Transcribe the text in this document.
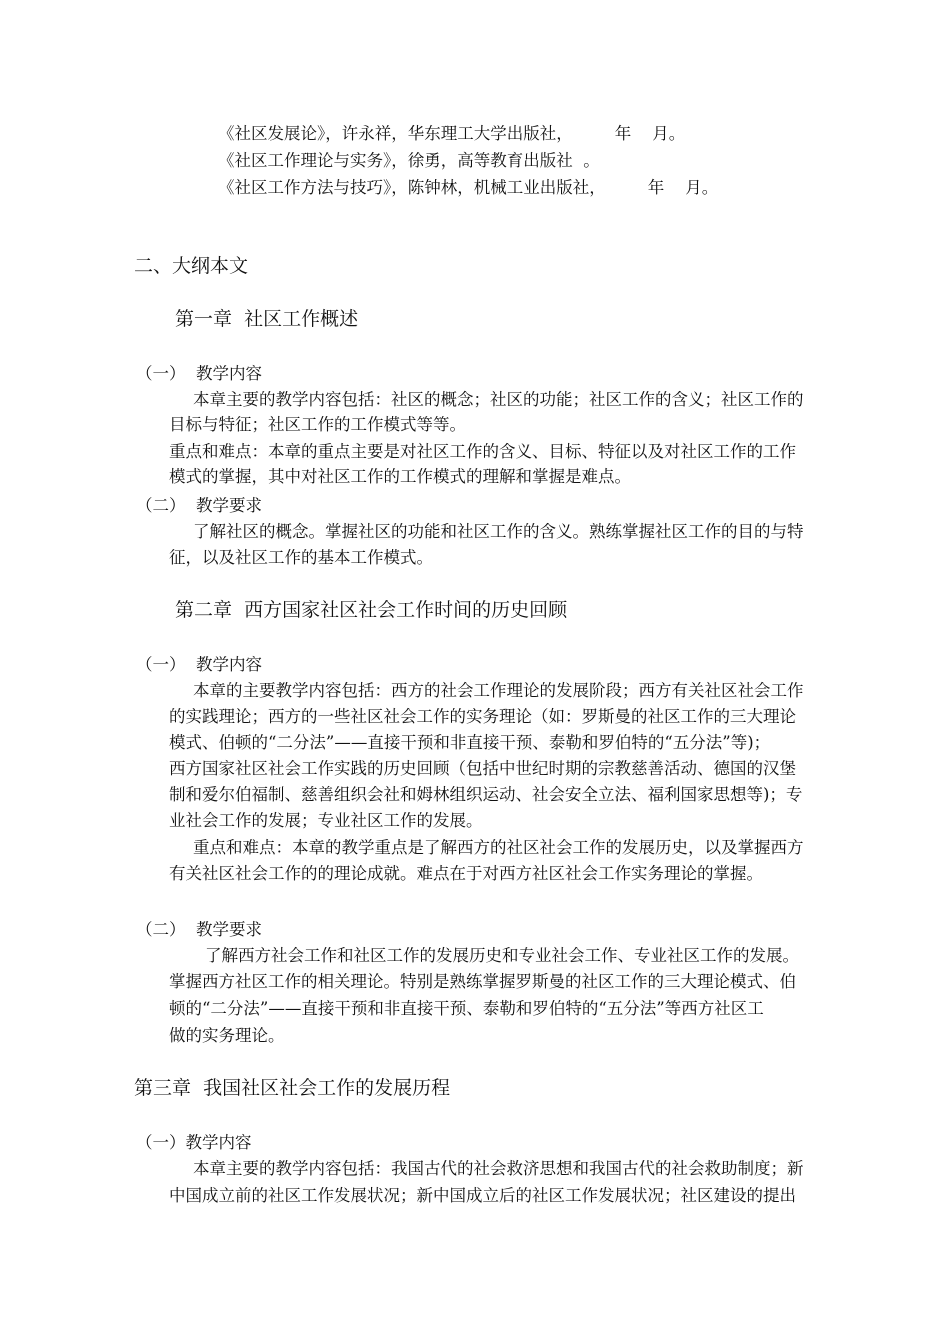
《社区发展论》，许永祥，华东理工大学出版社，        年    月。
《社区工作理论与实务》，徐勇，高等教育出版社  。
《社区工作方法与技巧》，陈钟林，机械工业出版社，        年    月。
二、大纲本文
第一章  社区工作概述
（一）  教学内容
本章主要的教学内容包括：社区的概念；社区的功能；社区工作的含义；社区工作的
目标与特征；社区工作的工作模式等等。
重点和难点：本章的重点主要是对社区工作的含义、目标、特征以及对社区工作的工作
模式的掌握，其中对社区工作的工作模式的理解和掌握是难点。
（二）  教学要求
了解社区的概念。掌握社区的功能和社区工作的含义。熟练掌握社区工作的目的与特
征，以及社区工作的基本工作模式。
第二章  西方国家社区社会工作时间的历史回顾
（一）  教学内容
本章的主要教学内容包括：西方的社会工作理论的发展阶段；西方有关社区社会工作
的实践理论；西方的一些社区社会工作的实务理论（如：罗斯曼的社区工作的三大理论
模式、伯顿的“二分法”——直接干预和非直接干预、泰勒和罗伯特的“五分法”等)；
西方国家社区社会工作实践的历史回顾（包括中世纪时期的宗教慈善活动、德国的汉堡
制和爱尔伯福制、慈善组织会社和姆林组织运动、社会安全立法、福利国家思想等)；专
业社会工作的发展；专业社区工作的发展。
重点和难点：本章的教学重点是了解西方的社区社会工作的发展历史，以及掌握西方
有关社区社会工作的的理论成就。难点在于对西方社区社会工作实务理论的掌握。
（二）  教学要求
了解西方社会工作和社区工作的发展历史和专业社会工作、专业社区工作的发展。
掌握西方社区工作的相关理论。特别是熟练掌握罗斯曼的社区工作的三大理论模式、伯
顿的“二分法”——直接干预和非直接干预、泰勒和罗伯特的“五分法”等西方社区工
做的实务理论。
第三章  我国社区社会工作的发展历程
（一）教学内容
本章主要的教学内容包括：我国古代的社会救济思想和我国古代的社会救助制度；新
中国成立前的社区工作发展状况；新中国成立后的社区工作发展状况；社区建设的提出
